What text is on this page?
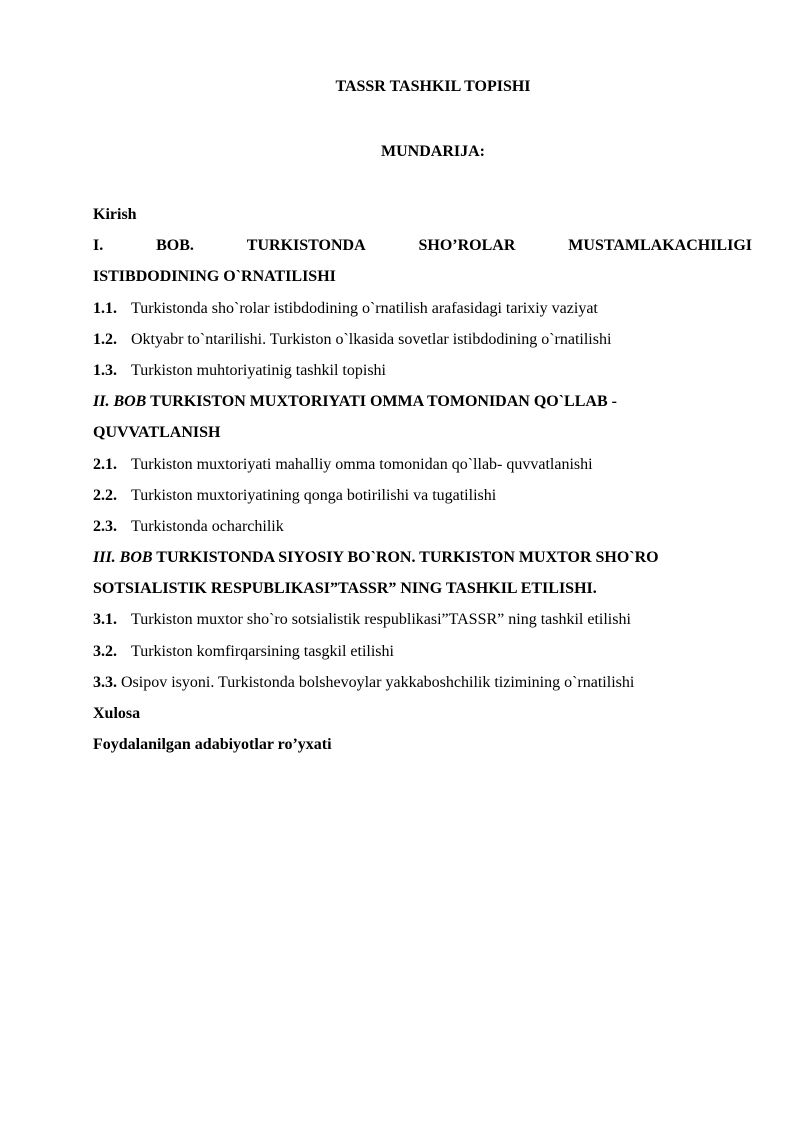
TASSR TASHKIL TOPISHI
MUNDARIJA:
Kirish
I.	BOB.	TURKISTONDA	SHO’ROLAR	MUSTAMLAKACHILIGI
ISTIBDODINING O`RNATILISHI
1.1. Turkistonda sho`rolar istibdodining o`rnatilish arafasidagi tarixiy vaziyat
1.2. Oktyabr to`ntarilishi. Turkiston o`lkasida sovetlar istibdodining o`rnatilishi
1.3. Turkiston muhtoriyatinig tashkil topishi
II. BOB TURKISTON MUXTORIYATI OMMA TOMONIDAN QO`LLAB -
QUVVATLANISH
2.1. Turkiston muxtoriyati mahalliy omma tomonidan qo`llab- quvvatlanishi
2.2. Turkiston muxtoriyatining qonga botirilishi va tugatilishi
2.3. Turkistonda ocharchilik
III. BOB TURKISTONDA SIYOSIY BO`RON. TURKISTON MUXTOR SHO`RO
SOTSIALISTIK RESPUBLIKASI”TASSR” NING TASHKIL ETILISHI.
3.1. Turkiston muxtor sho`ro sotsialistik respublikasi”TASSR” ning tashkil etilishi
3.2. Turkiston komfirqarsining tasgkil etilishi
3.3. Osipov isyoni. Turkistonda bolshevoylar yakkaboshchilik tizimining o`rnatilishi
Xulosa
Foydalanilgan adabiyotlar ro’yxati
